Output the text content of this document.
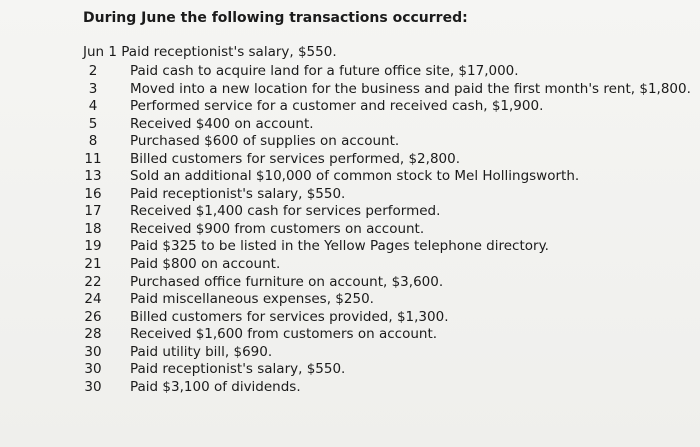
During June the following transactions occurred:
Jun 1 Paid receptionist's salary, $550.
2	Paid cash to acquire land for a future office site, $17,000.
3	Moved into a new location for the business and paid the first month's rent, $1,800.
4	Performed service for a customer and received cash, $1,900.
5	Received $400 on account.
8	Purchased $600 of supplies on account.
11 Billed customers for services performed, $2,800.
13 Sold an additional $10,000 of common stock to Mel Hollingsworth.
16 Paid receptionist's salary, $550.
17 Received $1,400 cash for services performed.
18 Received $900 from customers on account.
19 Paid $325 to be listed in the Yellow Pages telephone directory.
21 Paid $800 on account.
22 Purchased office furniture on account, $3,600.
24 Paid miscellaneous expenses, $250.
26 Billed customers for services provided, $1,300.
28 Received $1,600 from customers on account.
30 Paid utility bill, $690.
30 Paid receptionist's salary, $550.
30 Paid $3,100 of dividends.
